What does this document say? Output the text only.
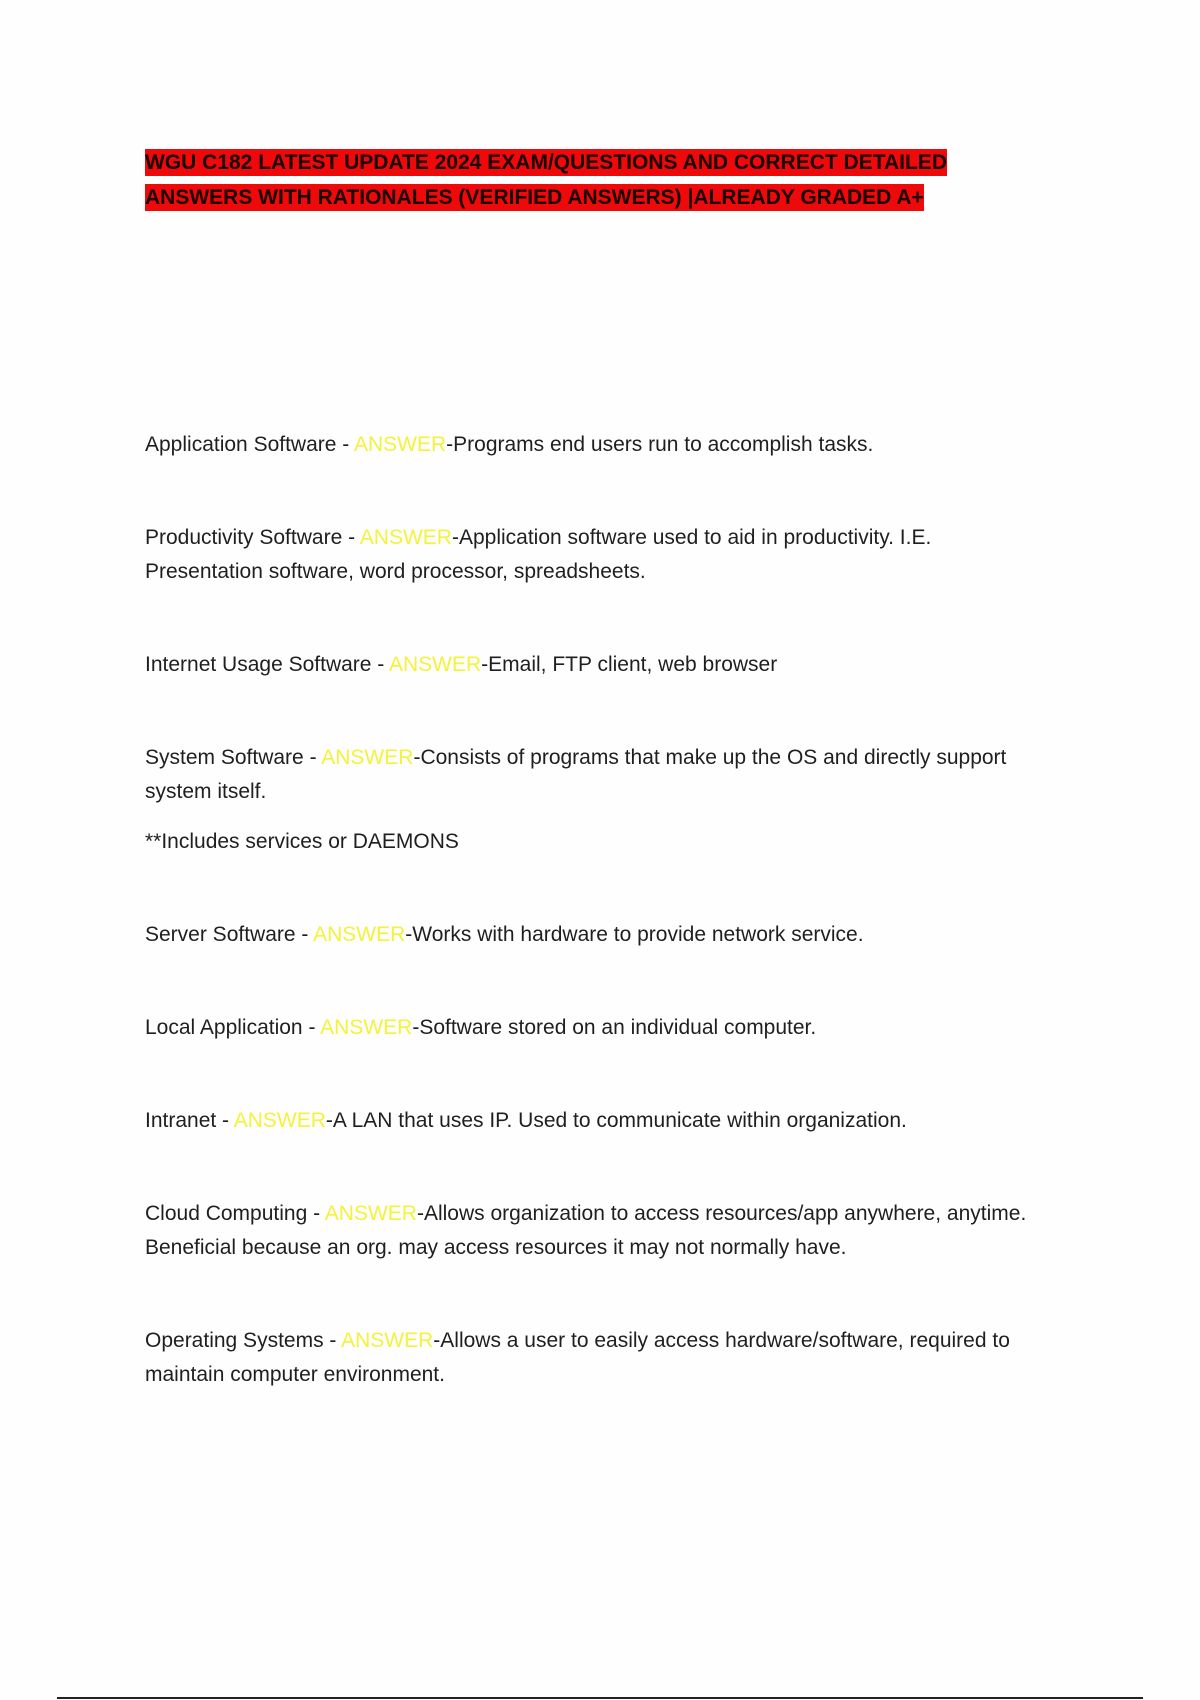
WGU C182 LATEST UPDATE 2024 EXAM/QUESTIONS AND CORRECT DETAILED
ANSWERS WITH RATIONALES (VERIFIED ANSWERS) |ALREADY GRADED A+

Application Software - ANSWER-Programs end users run to accomplish tasks.

Productivity Software - ANSWER-Application software used to aid in productivity. I.E. Presentation software, word processor, spreadsheets.

Internet Usage Software - ANSWER-Email, FTP client, web browser

System Software - ANSWER-Consists of programs that make up the OS and directly support system itself.

**Includes services or DAEMONS

Server Software - ANSWER-Works with hardware to provide network service.

Local Application - ANSWER-Software stored on an individual computer.

Intranet - ANSWER-A LAN that uses IP. Used to communicate within organization.

Cloud Computing - ANSWER-Allows organization to access resources/app anywhere, anytime. Beneficial because an org. may access resources it may not normally have.

Operating Systems - ANSWER-Allows a user to easily access hardware/software, required to maintain computer environment.
